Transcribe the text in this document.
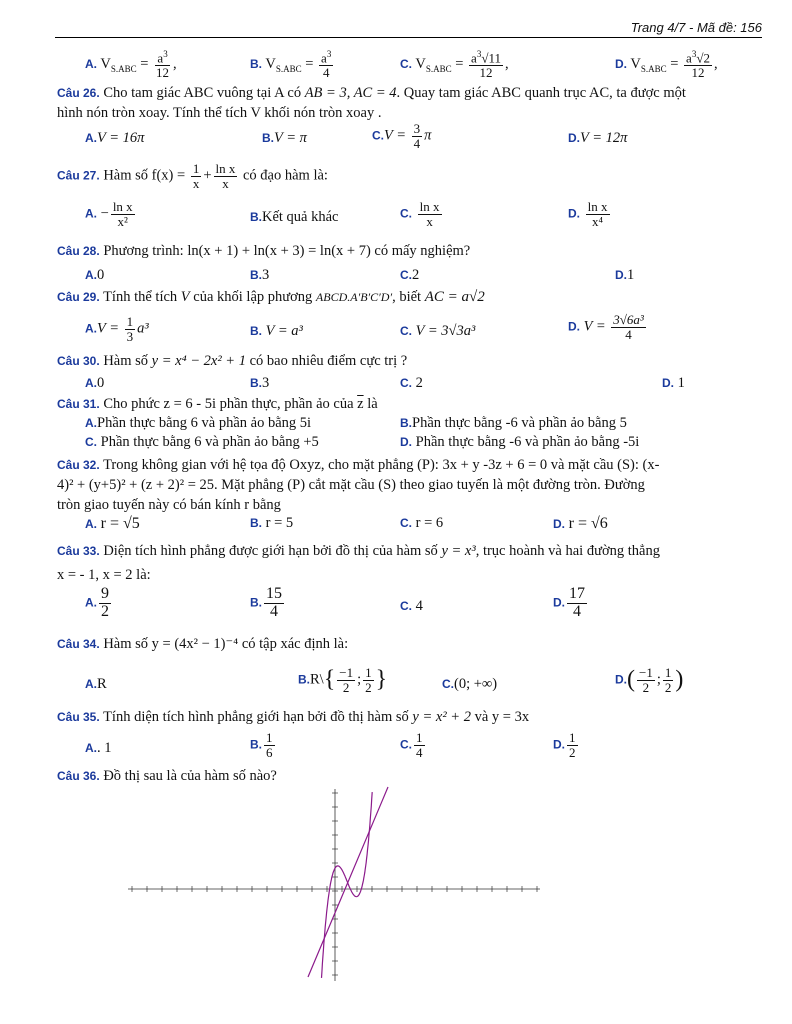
Trang 4/7 - Mã đề: 156
A. $V_{S.ABC} = \frac{a^3}{12}$ ,	B. $V_{S.ABC} = \frac{a^3}{4}$	C. $V_{S.ABC} = \frac{a^3√11}{12}$ ,	D. $V_{S.ABC} = \frac{a^3√2}{12}$ ,
Câu 26. Cho tam giác ABC vuông tại A có AB = 3, AC = 4. Quay tam giác ABC quanh trục AC, ta được một
hình nón tròn xoay. Tính thể tích V khối nón tròn xoay .
A.V = 16π	B.V = π	$C.V = \frac{3}{4}$ π	D.V = 12π
Câu 27. Hàm số $f(x) = \frac{1}{x} + \frac{\text{ln x}}{x}$ có đạo hàm là:
A. − $\frac{\text{ln x}}{\text{x²}}$	B.Kết quả khác	C. $\frac{\text{ln x}}{x}$	D. $\frac{\text{ln x}}{\text{x⁴}}$
Câu 28. Phương trình: ln(x + 1) + ln(x + 3) = ln(x + 7) có mấy nghiệm?
A.0	B.3	C.2	D.1
Câu 29. Tính thể tích V của khối lập phương ABCD.A′B′C′D′, biết AC = a√2
$A.V = \frac{1}{3} a^3$	B. V = a³	C. V = 3√3a³	D. $V = \frac{\text{3√6a³}}{4}$
Câu 30. Hàm số y = x⁴ − 2x² + 1 có bao nhiêu điểm cực trị ?
A.0	B.3	C. 2	D. 1
Câu 31. Cho phức z = 6 - 5i phần thực, phần ảo của $\overline{z}$ là
A.Phần thực bằng 6 và phần ảo bằng 5i	B.Phần thực bằng -6 và phần ảo bằng 5
C. Phần thực bằng 6 và phần ảo bằng +5	D. Phần thực bằng -6 và phần ảo bằng -5i
Câu 32. Trong không gian với hệ tọa độ Oxyz, cho mặt phẳng (P): 3x + y -3z + 6 = 0 và mặt cầu (S): (x-
4)² + (y+5)² + (z + 2)² = 25. Mặt phẳng (P) cắt mặt cầu (S) theo giao tuyến là một đường tròn. Đường
tròn giao tuyến này có bán kính r bằng
A. r = √5	B. r = 5	C. r = 6	D. r = √6
Câu 33. Diện tích hình phẳng được giới hạn bởi đồ thị của hàm số y = x³, trục hoành và hai đường thẳng
x = - 1, x = 2 là:
A. $\frac{9}{2}$	B. $\frac{15}{4}$	C. 4	D. $\frac{17}{4}$
Câu 34. Hàm số y = (4x² − 1)⁻⁴ có tập xác định là:
A.R	B.R\{ $\frac{-1}{2}$ ; $\frac{1}{2}$ }	C.(0; +∞)	$D.( \frac{-1}{2}$ ; $\frac{1}{2}$ )
Câu 35. Tính diện tích hình phẳng giới hạn bởi đồ thị hàm số y = x² + 2 và y = 3x
A.. 1	B. $\frac{1}{6}$	C. $\frac{1}{4}$	D. $\frac{1}{2}$
Câu 36. Đồ thị sau là của hàm số nào?
